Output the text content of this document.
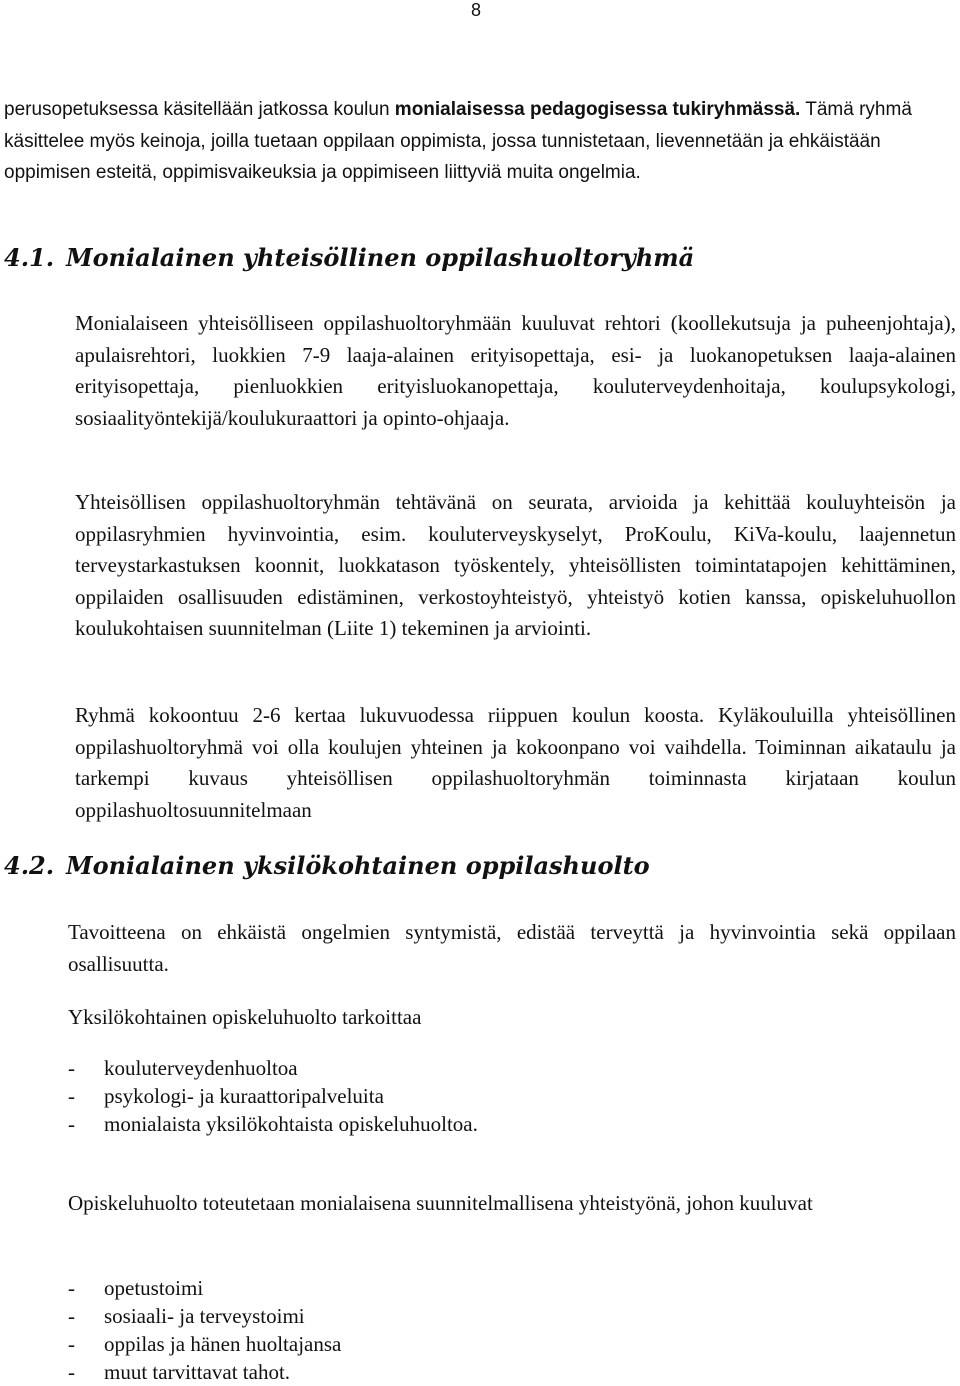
8

perusopetuksessa käsitellään jatkossa koulun monialaisessa pedagogisessa tukiryhmässä. Tämä ryhmä käsittelee myös keinoja, joilla tuetaan oppilaan oppimista, jossa tunnistetaan, lievennetään ja ehkäistään oppimisen esteitä, oppimisvaikeuksia ja oppimiseen liittyviä muita ongelmia.

4.1. Monialainen yhteisöllinen oppilashuoltoryhmä

Monialaiseen yhteisölliseen oppilashuoltoryhmään kuuluvat rehtori (koollekutsuja ja puheenjohtaja), apulaisrehtori, luokkien 7-9 laaja-alainen erityisopettaja, esi- ja luokanopetuksen laaja-alainen erityisopettaja, pienluokkien erityisluokanopettaja, kouluterveydenhoitaja, koulupsykologi, sosiaalityöntekijä/koulukuraattori ja opinto-ohjaaja.

Yhteisöllisen oppilashuoltoryhmän tehtävänä on seurata, arvioida ja kehittää kouluyhteisön ja oppilasryhmien hyvinvointia, esim. kouluterveyskyselyt, ProKoulu, KiVa-koulu, laajennetun terveystarkastuksen koonnit, luokkatason työskentely, yhteisöllisten toimintatapojen kehittäminen, oppilaiden osallisuuden edistäminen, verkostoyhteistyö, yhteistyö kotien kanssa, opiskeluhuollon koulukohtaisen suunnitelman (Liite 1) tekeminen ja arviointi.

Ryhmä kokoontuu 2-6 kertaa lukuvuodessa riippuen koulun koosta. Kyläkouluilla yhteisöllinen oppilashuoltoryhmä voi olla koulujen yhteinen ja kokoonpano voi vaihdella. Toiminnan aikataulu ja tarkempi kuvaus yhteisöllisen oppilashuoltoryhmän toiminnasta kirjataan koulun oppilashuoltosuunnitelmaan

4.2. Monialainen yksilökohtainen oppilashuolto

Tavoitteena on ehkäistä ongelmien syntymistä, edistää terveyttä ja hyvinvointia sekä oppilaan osallisuutta.

Yksilökohtainen opiskeluhuolto tarkoittaa

- kouluterveydenhuoltoa
- psykologi- ja kuraattoripalveluita
- monialaista yksilökohtaista opiskeluhuoltoa.

Opiskeluhuolto toteutetaan monialaisena suunnitelmallisena yhteistyönä, johon kuuluvat

- opetustoimi
- sosiaali- ja terveystoimi
- oppilas ja hänen huoltajansa
- muut tarvittavat tahot.
